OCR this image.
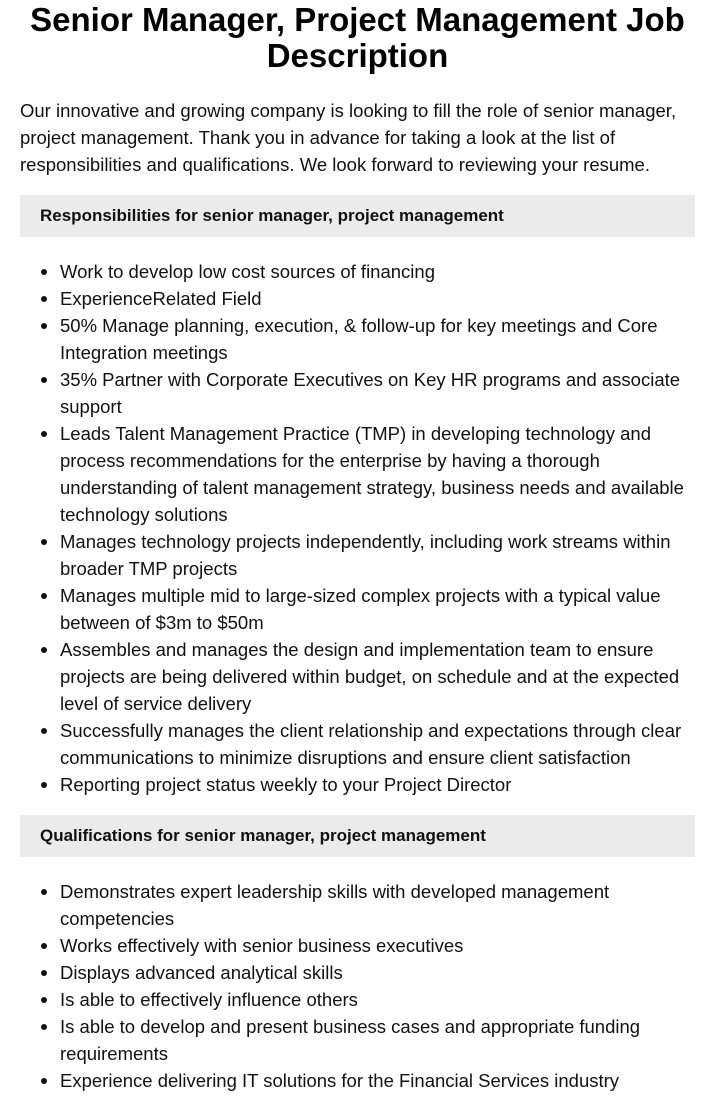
Senior Manager, Project Management Job Description

Our innovative and growing company is looking to fill the role of senior manager, project management. Thank you in advance for taking a look at the list of responsibilities and qualifications. We look forward to reviewing your resume.

Responsibilities for senior manager, project management
Work to develop low cost sources of financing
ExperienceRelated Field
50% Manage planning, execution, & follow-up for key meetings and Core Integration meetings
35% Partner with Corporate Executives on Key HR programs and associate support
Leads Talent Management Practice (TMP) in developing technology and process recommendations for the enterprise by having a thorough understanding of talent management strategy, business needs and available technology solutions
Manages technology projects independently, including work streams within broader TMP projects
Manages multiple mid to large-sized complex projects with a typical value between of $3m to $50m
Assembles and manages the design and implementation team to ensure projects are being delivered within budget, on schedule and at the expected level of service delivery
Successfully manages the client relationship and expectations through clear communications to minimize disruptions and ensure client satisfaction
Reporting project status weekly to your Project Director
Qualifications for senior manager, project management
Demonstrates expert leadership skills with developed management competencies
Works effectively with senior business executives
Displays advanced analytical skills
Is able to effectively influence others
Is able to develop and present business cases and appropriate funding requirements
Experience delivering IT solutions for the Financial Services industry
